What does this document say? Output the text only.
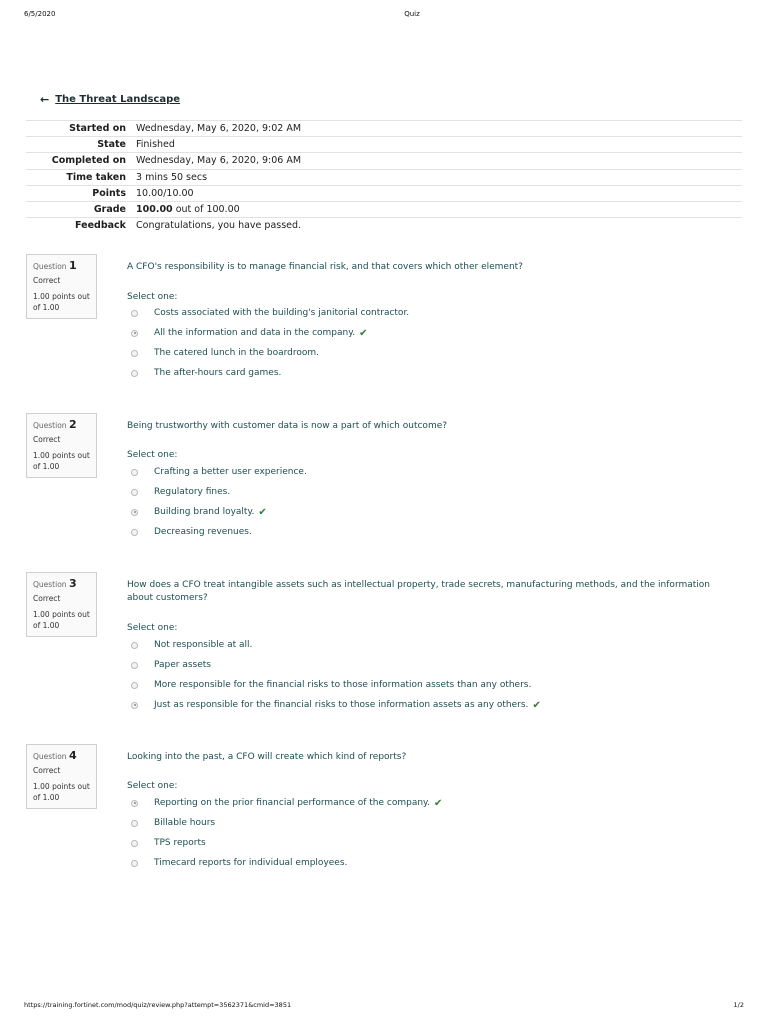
6/5/2020	Quiz
← The Threat Landscape
Started on	Wednesday, May 6, 2020, 9:02 AM
State	Finished
Completed on	Wednesday, May 6, 2020, 9:06 AM
Time taken	3 mins 50 secs
Points	10.00/10.00
Grade	100.00 out of 100.00
Feedback	Congratulations, you have passed.
Question 1
Correct
1.00 points out of 1.00
A CFO's responsibility is to manage financial risk, and that covers which other element?
Select one:
Costs associated with the building's janitorial contractor.
All the information and data in the company. ✔
The catered lunch in the boardroom.
The after-hours card games.
Question 2
Correct
1.00 points out of 1.00
Being trustworthy with customer data is now a part of which outcome?
Select one:
Crafting a better user experience.
Regulatory fines.
Building brand loyalty. ✔
Decreasing revenues.
Question 3
Correct
1.00 points out of 1.00
How does a CFO treat intangible assets such as intellectual property, trade secrets, manufacturing methods, and the information about customers?
Select one:
Not responsible at all.
Paper assets
More responsible for the financial risks to those information assets than any others.
Just as responsible for the financial risks to those information assets as any others. ✔
Question 4
Correct
1.00 points out of 1.00
Looking into the past, a CFO will create which kind of reports?
Select one:
Reporting on the prior financial performance of the company. ✔
Billable hours
TPS reports
Timecard reports for individual employees.
https://training.fortinet.com/mod/quiz/review.php?attempt=3562371&cmid=3851	1/2
